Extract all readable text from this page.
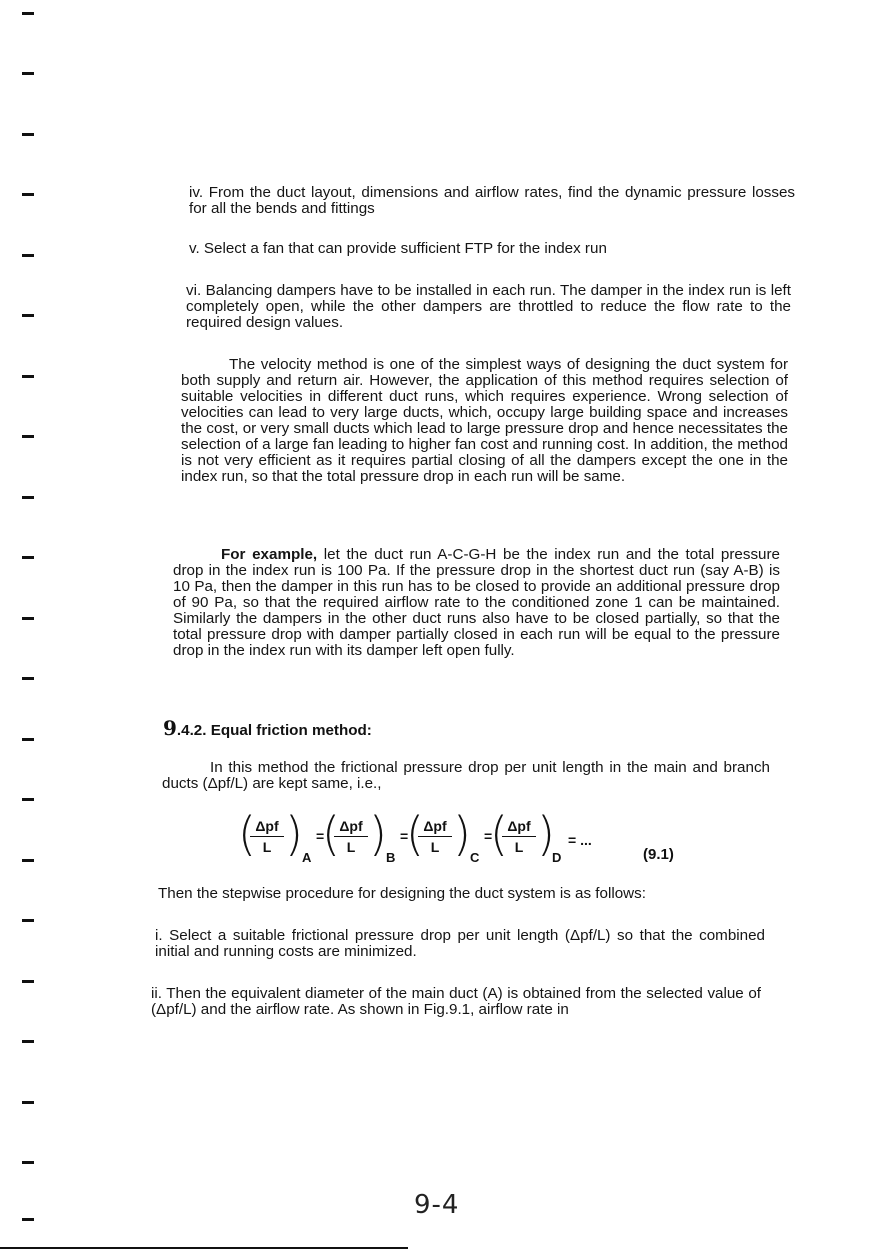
iv. From the duct layout, dimensions and airflow rates, find the dynamic pressure losses for all the bends and fittings
v. Select a fan that can provide sufficient FTP for the index run
vi. Balancing dampers have to be installed in each run. The damper in the index run is left completely open, while the other dampers are throttled to reduce the flow rate to the required design values.
The velocity method is one of the simplest ways of designing the duct system for both supply and return air. However, the application of this method requires selection of suitable velocities in different duct runs, which requires experience. Wrong selection of velocities can lead to very large ducts, which, occupy large building space and increases the cost, or very small ducts which lead to large pressure drop and hence necessitates the selection of a large fan leading to higher fan cost and running cost. In addition, the method is not very efficient as it requires partial closing of all the dampers except the one in the index run, so that the total pressure drop in each run will be same.
For example, let the duct run A-C-G-H be the index run and the total pressure drop in the index run is 100 Pa. If the pressure drop in the shortest duct run (say A-B) is 10 Pa, then the damper in this run has to be closed to provide an additional pressure drop of 90 Pa, so that the required airflow rate to the conditioned zone 1 can be maintained. Similarly the dampers in the other duct runs also have to be closed partially, so that the total pressure drop with damper partially closed in each run will be equal to the pressure drop in the index run with its damper left open fully.
9.4.2. Equal friction method:
In this method the frictional pressure drop per unit length in the main and branch ducts (Δpf/L) are kept same, i.e.,
( Δpf
L ) A
=
( Δpf
L ) B
=
( Δpf
L ) C
=
( Δpf
L )
D
= ...
(9.1)
Then the stepwise procedure for designing the duct system is as follows:
i. Select a suitable frictional pressure drop per unit length (Δpf/L) so that the combined initial and running costs are minimized.
ii. Then the equivalent diameter of the main duct (A) is obtained from the selected value of (Δpf/L) and the airflow rate. As shown in Fig.9.1, airflow rate in
9-4
